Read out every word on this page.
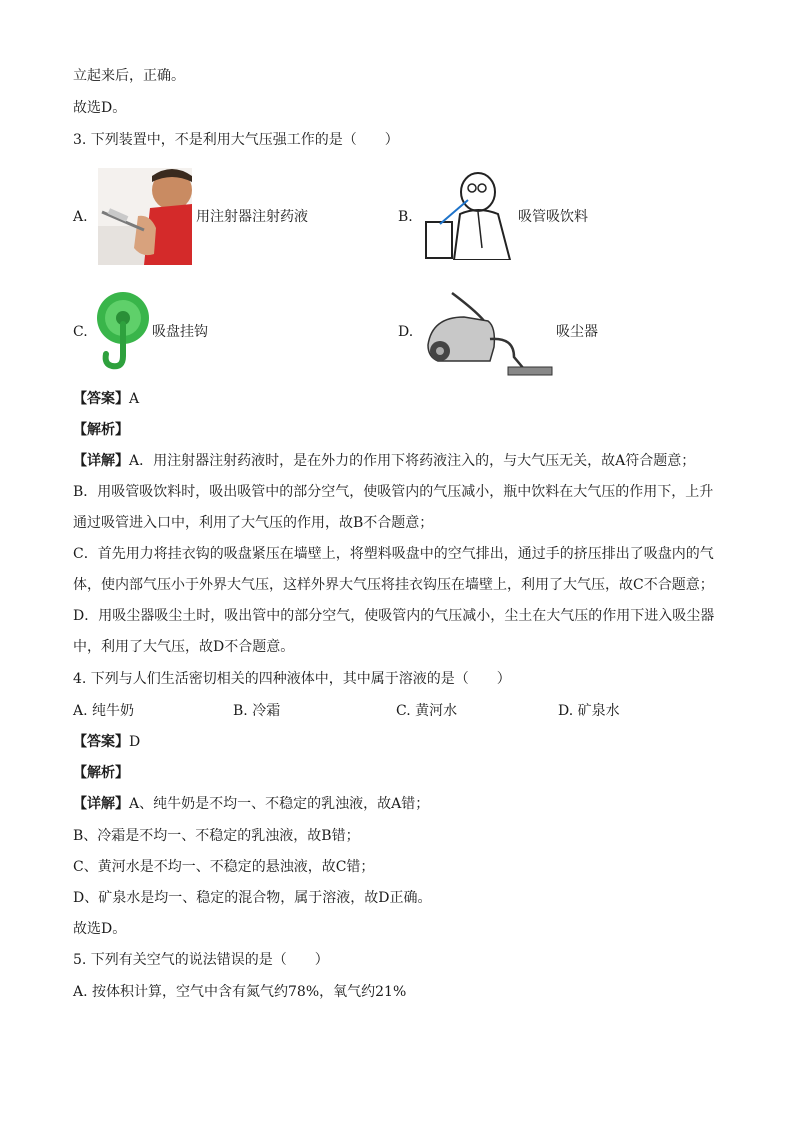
立起来后，正确。
故选D。
3. 下列装置中，不是利用大气压强工作的是（　　）
A.	用注射器注射药液	B.	吸管吸饮料
C.	吸盘挂钩	D.	吸尘器
【答案】A
【解析】
【详解】A．用注射器注射药液时，是在外力的作用下将药液注入的，与大气压无关，故A符合题意；
B．用吸管吸饮料时，吸出吸管中的部分空气，使吸管内的气压减小，瓶中饮料在大气压的作用下，上升
通过吸管进入口中，利用了大气压的作用，故B不合题意；
C．首先用力将挂衣钩的吸盘紧压在墙壁上，将塑料吸盘中的空气排出，通过手的挤压排出了吸盘内的气
体，使内部气压小于外界大气压，这样外界大气压将挂衣钩压在墙壁上，利用了大气压，故C不合题意；
D．用吸尘器吸尘土时，吸出管中的部分空气，使吸管内的气压减小，尘土在大气压的作用下进入吸尘器
中，利用了大气压，故D不合题意。
4. 下列与人们生活密切相关的四种液体中，其中属于溶液的是（　　）
A. 纯牛奶	B. 冷霜	C. 黄河水	D. 矿泉水
【答案】D
【解析】
【详解】A、纯牛奶是不均一、不稳定的乳浊液，故A错；
B、冷霜是不均一、不稳定的乳浊液，故B错；
C、黄河水是不均一、不稳定的悬浊液，故C错；
D、矿泉水是均一、稳定的混合物，属于溶液，故D正确。
故选D。
5. 下列有关空气的说法错误的是（　　）
A. 按体积计算，空气中含有氮气约78%，氧气约21%
